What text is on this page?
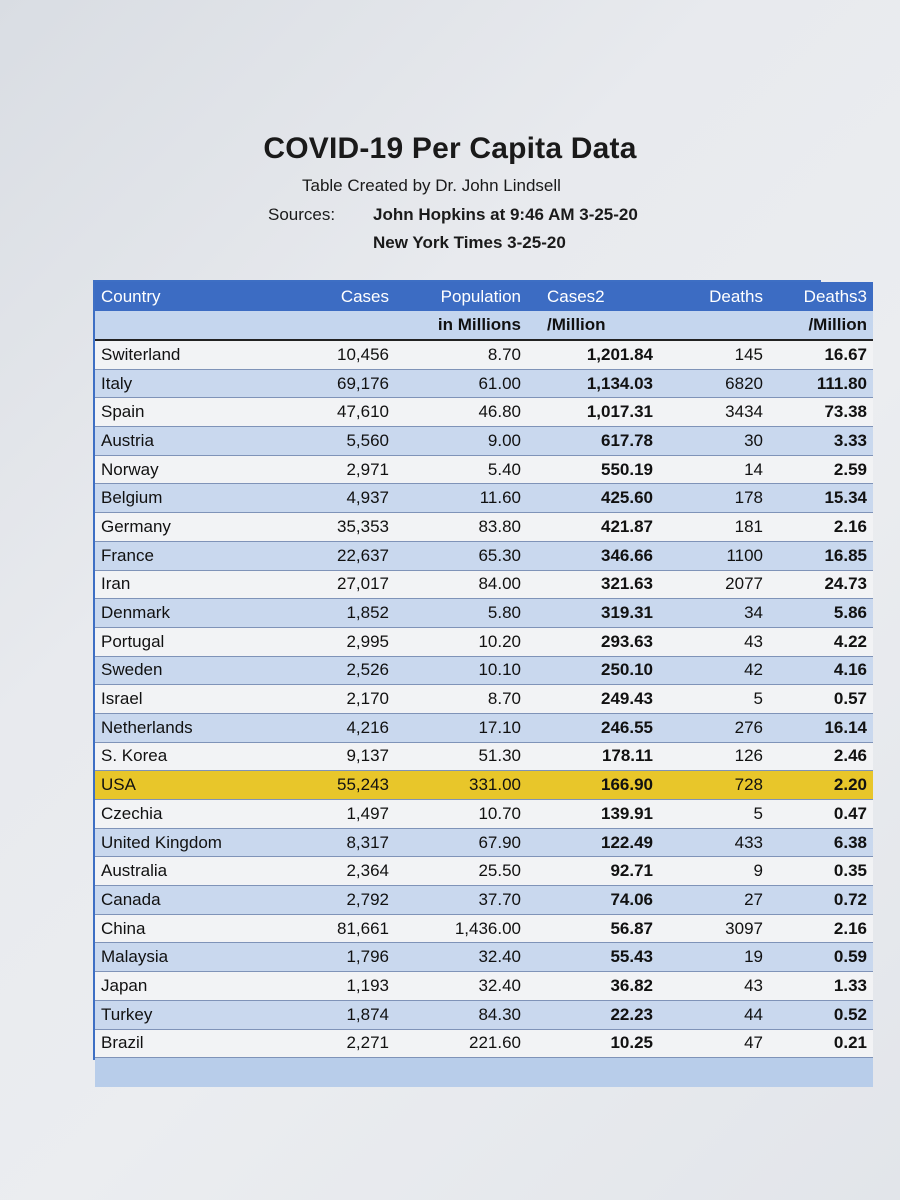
COVID-19 Per Capita Data
Table Created by Dr. John Lindsell
Sources: John Hopkins at 9:46 AM 3-25-20
New York Times 3-25-20
Country	Cases	Population	Cases2	Deaths	Deaths3
		in Millions	/Million		/Million
Switerland	10,456	8.70	1,201.84	145	16.67
Italy	69,176	61.00	1,134.03	6820	111.80
Spain	47,610	46.80	1,017.31	3434	73.38
Austria	5,560	9.00	617.78	30	3.33
Norway	2,971	5.40	550.19	14	2.59
Belgium	4,937	11.60	425.60	178	15.34
Germany	35,353	83.80	421.87	181	2.16
France	22,637	65.30	346.66	1100	16.85
Iran	27,017	84.00	321.63	2077	24.73
Denmark	1,852	5.80	319.31	34	5.86
Portugal	2,995	10.20	293.63	43	4.22
Sweden	2,526	10.10	250.10	42	4.16
Israel	2,170	8.70	249.43	5	0.57
Netherlands	4,216	17.10	246.55	276	16.14
S. Korea	9,137	51.30	178.11	126	2.46
USA	55,243	331.00	166.90	728	2.20
Czechia	1,497	10.70	139.91	5	0.47
United Kingdom	8,317	67.90	122.49	433	6.38
Australia	2,364	25.50	92.71	9	0.35
Canada	2,792	37.70	74.06	27	0.72
China	81,661	1,436.00	56.87	3097	2.16
Malaysia	1,796	32.40	55.43	19	0.59
Japan	1,193	32.40	36.82	43	1.33
Turkey	1,874	84.30	22.23	44	0.52
Brazil	2,271	221.60	10.25	47	0.21
